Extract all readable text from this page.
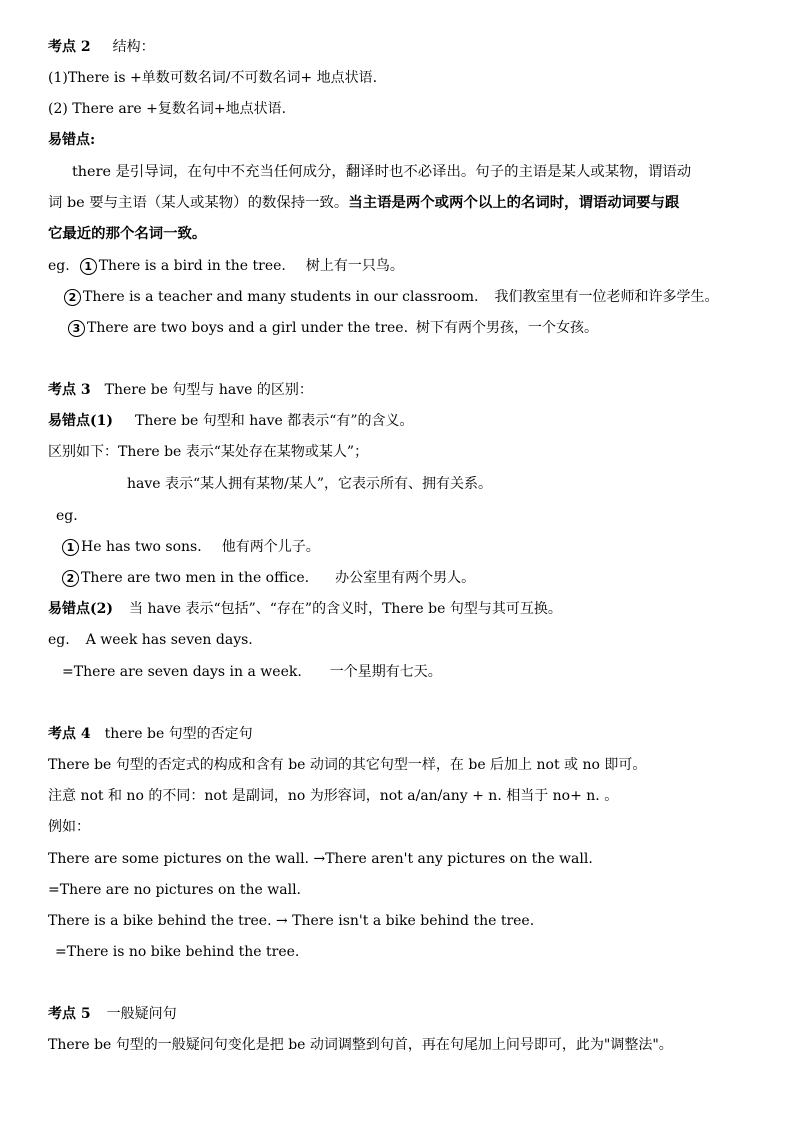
考点 2 结构：
(1)There is +单数可数名词/不可数名词+ 地点状语.
(2) There are +复数名词+地点状语.
易错点:
there 是引导词，在句中不充当任何成分，翻译时也不必译出。句子的主语是某人或某物，谓语动
词 be 要与主语（某人或某物）的数保持一致。当主语是两个或两个以上的名词时，谓语动词要与跟
它最近的那个名词一致。
eg. 1 There is a bird in the tree. 树上有一只鸟。
2 There is a teacher and many students in our classroom. 我们教室里有一位老师和许多学生。
3 There are two boys and a girl under the tree. 树下有两个男孩，一个女孩。
考点 3 There be 句型与 have 的区别：
易错点(1) There be 句型和 have 都表示“有”的含义。
区别如下：There be 表示“某处存在某物或某人”；
have 表示“某人拥有某物/某人”，它表示所有、拥有关系。
eg.
1 He has two sons. 他有两个儿子。
2 There are two men in the office. 办公室里有两个男人。
易错点(2) 当 have 表示“包括”、“存在”的含义时，There be 句型与其可互换。
eg. A week has seven days.
=There are seven days in a week. 一个星期有七天。
考点 4 there be 句型的否定句
There be 句型的否定式的构成和含有 be 动词的其它句型一样，在 be 后加上 not 或 no 即可。
注意 not 和 no 的不同：not 是副词，no 为形容词，not a/an/any + n. 相当于 no+ n. 。
例如：
There are some pictures on the wall. →There aren't any pictures on the wall.
=There are no pictures on the wall.
There is a bike behind the tree. → There isn't a bike behind the tree.
=There is no bike behind the tree.
考点 5 一般疑问句
There be 句型的一般疑问句变化是把 be 动词调整到句首，再在句尾加上问号即可，此为"调整法"。
